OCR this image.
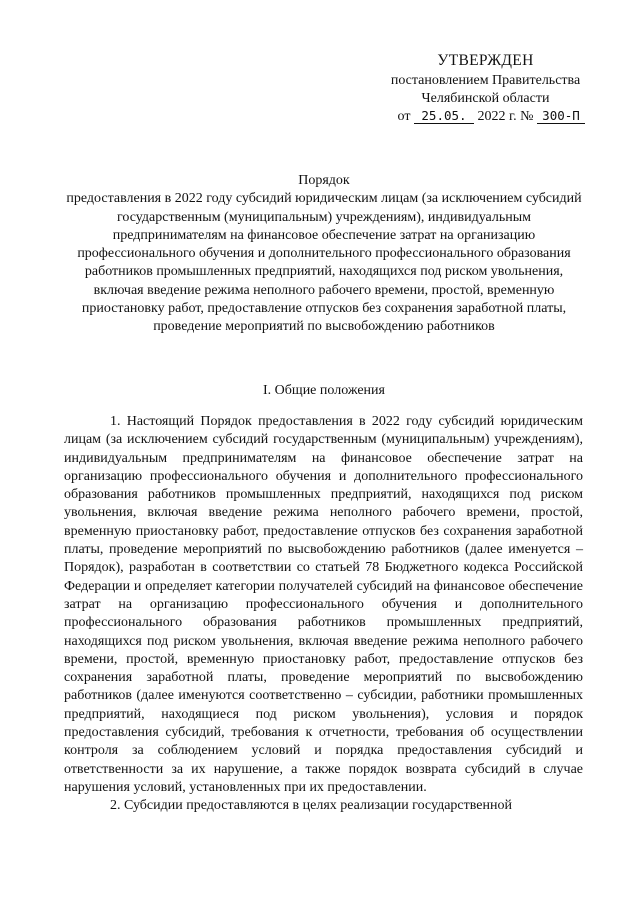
УТВЕРЖДЕН
постановлением Правительства
Челябинской области
от 25.05. 2022 г. № 300-П
Порядок
предоставления в 2022 году субсидий юридическим лицам (за исключением субсидий государственным (муниципальным) учреждениям), индивидуальным предпринимателям на финансовое обеспечение затрат на организацию профессионального обучения и дополнительного профессионального образования работников промышленных предприятий, находящихся под риском увольнения, включая введение режима неполного рабочего времени, простой, временную приостановку работ, предоставление отпусков без сохранения заработной платы, проведение мероприятий по высвобождению работников
I. Общие положения

1. Настоящий Порядок предоставления в 2022 году субсидий юридическим лицам (за исключением субсидий государственным (муниципальным) учреждениям), индивидуальным предпринимателям на финансовое обеспечение затрат на организацию профессионального обучения и дополнительного профессионального образования работников промышленных предприятий, находящихся под риском увольнения, включая введение режима неполного рабочего времени, простой, временную приостановку работ, предоставление отпусков без сохранения заработной платы, проведение мероприятий по высвобождению работников (далее именуется – Порядок), разработан в соответствии со статьей 78 Бюджетного кодекса Российской Федерации и определяет категории получателей субсидий на финансовое обеспечение затрат на организацию профессионального обучения и дополнительного профессионального образования работников промышленных предприятий, находящихся под риском увольнения, включая введение режима неполного рабочего времени, простой, временную приостановку работ, предоставление отпусков без сохранения заработной платы, проведение мероприятий по высвобождению работников (далее именуются соответственно – субсидии, работники промышленных предприятий, находящиеся под риском увольнения), условия и порядок предоставления субсидий, требования к отчетности, требования об осуществлении контроля за соблюдением условий и порядка предоставления субсидий и ответственности за их нарушение, а также порядок возврата субсидий в случае нарушения условий, установленных при их предоставлении.

2. Субсидии предоставляются в целях реализации государственной
